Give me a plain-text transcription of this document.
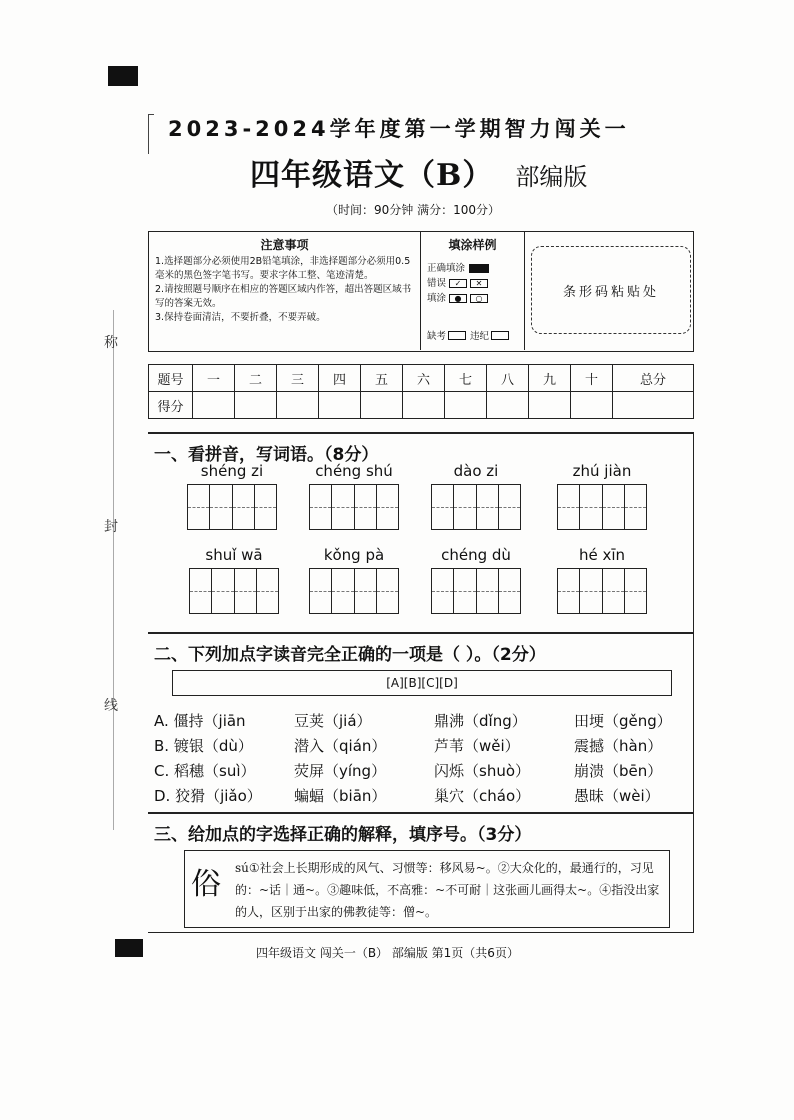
称
封
线
2023-2024学年度第一学期智力闯关一
四年级语文（B） 部编版
（时间：90分钟 满分：100分）
注意事项
1.选择题部分必须使用2B铅笔填涂，非选择题部分必须用0.5毫米的黑色签字笔书写。要求字体工整、笔迹清楚。
2.请按照题号顺序在相应的答题区域内作答，超出答题区域书写的答案无效。
3.保持卷面清洁，不要折叠，不要弄破。
填涂样例
正确填涂
错误	✓	✕
填涂	●	○
缺考	违纪
条形码粘贴处
题号	一	二	三	四	五	六	七	八	九	十	总分
得分											
一、看拼音，写词语。（8分）
shéng zi	chéng shú	dào zi	zhú jiàn
shuǐ wā	kǒng pà	chéng dù	hé xīn
二、下列加点字读音完全正确的一项是（ ）。（2分）
[A][B][C][D]
A. 僵持（jiān	豆荚（jiá）	鼎沸（dǐng）	田埂（gěng）
B. 镀银（dù）	潜入（qián）	芦苇（wěi）	震撼（hàn）
C. 稻穗（suì）	荧屏（yíng）	闪烁（shuò）	崩溃（bēn）
D. 狡猾（jiǎo） 蝙蝠（biān）	巢穴（cháo）	愚昧（wèi）
三、给加点的字选择正确的解释，填序号。（3分）
俗 sú①社会上长期形成的风气、习惯等：移风易~。②大众化的，最通行的，习见的：~话｜通~。③趣味低，不高雅：~不可耐｜这张画儿画得太~。④指没出家的人，区别于出家的佛教徒等：僧~。
四年级语文 闯关一（B） 部编版 第1页（共6页）
